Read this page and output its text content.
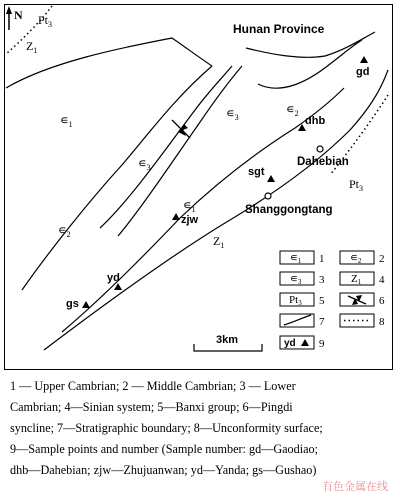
N $Pt_3$
$Z_1$
$∊_1$
$∊_3$
$∊_3$
$∊_2$
$∊_1$
$∊_2$
$Pt_3$
$Z_1$
Hunan Province
gd
dhb
sgt
zjw
yd
gs
Dahebian
Shanggongtang
3km
∊1 1 ∊2 2
∊3 3 Z1 4
Pt3 5	6
7	8
yd 9
1 — Upper Cambrian; 2 — Middle Cambrian; 3 — Lower
Cambrian; 4—Sinian system; 5—Banxi group; 6—Pingdi
syncline; 7—Stratigraphic boundary; 8—Unconformity surface;
9—Sample points and number (Sample number: gd—Gaodiao;
dhb—Dahebian; zjw—Zhujuanwan; yd—Yanda; gs—Gushao)
有色金属在线
